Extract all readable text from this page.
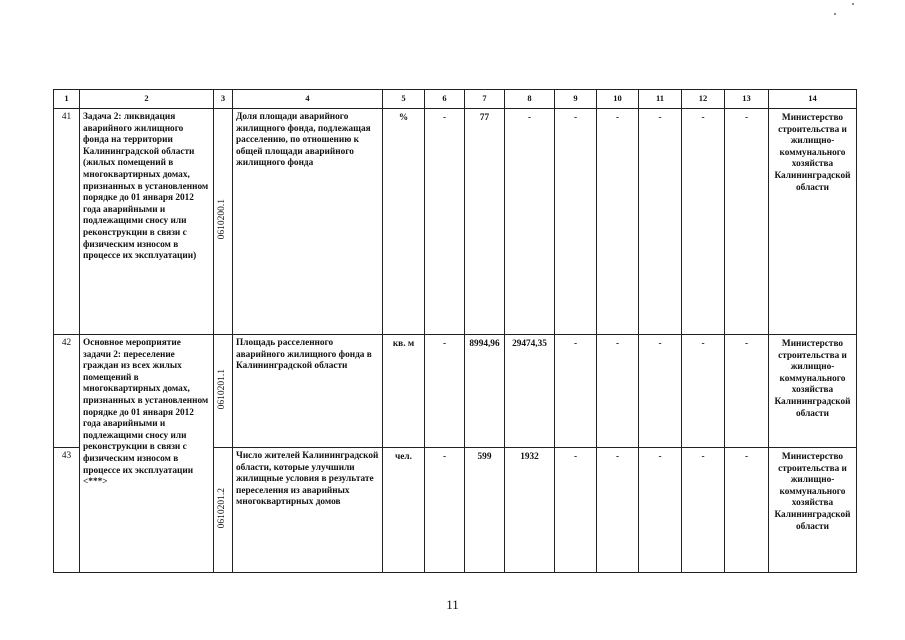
1	2	3	4	5	6	7	8	9	10	11	12	13	14
41	Задача 2: ликвидация аварийного жилищного фонда на территории Калининградской области (жилых помещений в многоквартирных домах, признанных в установленном порядке до 01 января 2012 года аварийными и подлежащими сносу или реконструкции в связи с физическим износом в процессе их эксплуатации)	0610200.1	Доля площади аварийного жилищного фонда, подлежащая расселению, по отношению к общей площади аварийного жилищного фонда	%	-	77	-	-	-	-	-	-	Министерство строительства и жилищно-коммунального хозяйства Калининградской области
42	Основное мероприятие задачи 2: переселение граждан из всех жилых помещений в многоквартирных домах, признанных в установленном порядке до 01 января 2012 года аварийными и подлежащими сносу или реконструкции в связи с физическим износом в процессе их эксплуатации <***>	0610201.1	Площадь расселенного аварийного жилищного фонда в Калининградской области	кв. м	-	8994,96	29474,35	-	-	-	-	-	Министерство строительства и жилищно-коммунального хозяйства Калининградской области
43		0610201.2	Число жителей Калининградской области, которые улучшили жилищные условия в результате переселения из аварийных многоквартирных домов	чел.	-	599	1932	-	-	-	-	-	Министерство строительства и жилищно-коммунального хозяйства Калининградской области
11
